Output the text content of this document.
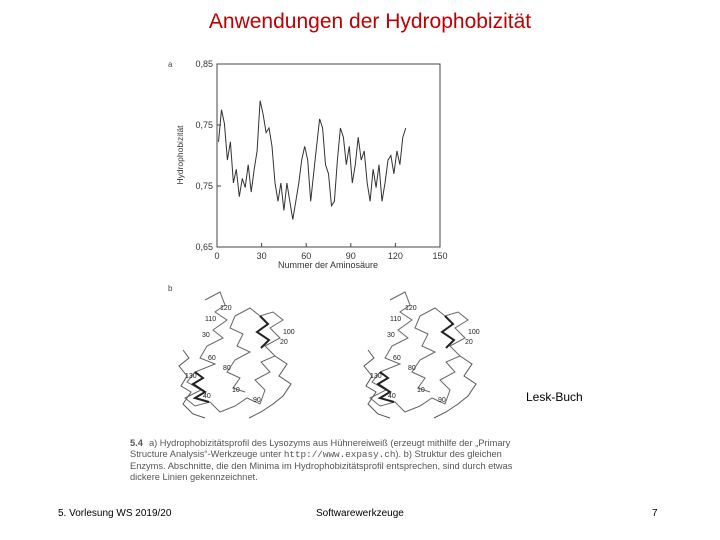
Anwendungen der Hydrophobizität
a
b
0,65
0,75
0,75
0,85
0	30	60	90	120	150
Hydrophobizität
Nummer der Aminosäure
120
110
30	100
20
60
80
10
40
90
130
120
110
30	100
20
60
80
10
40
90
130
Lesk-Buch
5.4 a) Hydrophobizitätsprofil des Lysozyms aus Hühnereiweiß (erzeugt mithilfe der „Primary Structure Analysis“-Werkzeuge unter http://www.expasy.ch). b) Struktur des gleichen Enzyms. Abschnitte, die den Minima im Hydrophobizitätsprofil entsprechen, sind durch etwas dickere Linien gekennzeichnet.
5. Vorlesung WS 2019/20	Softwarewerkzeuge	7
